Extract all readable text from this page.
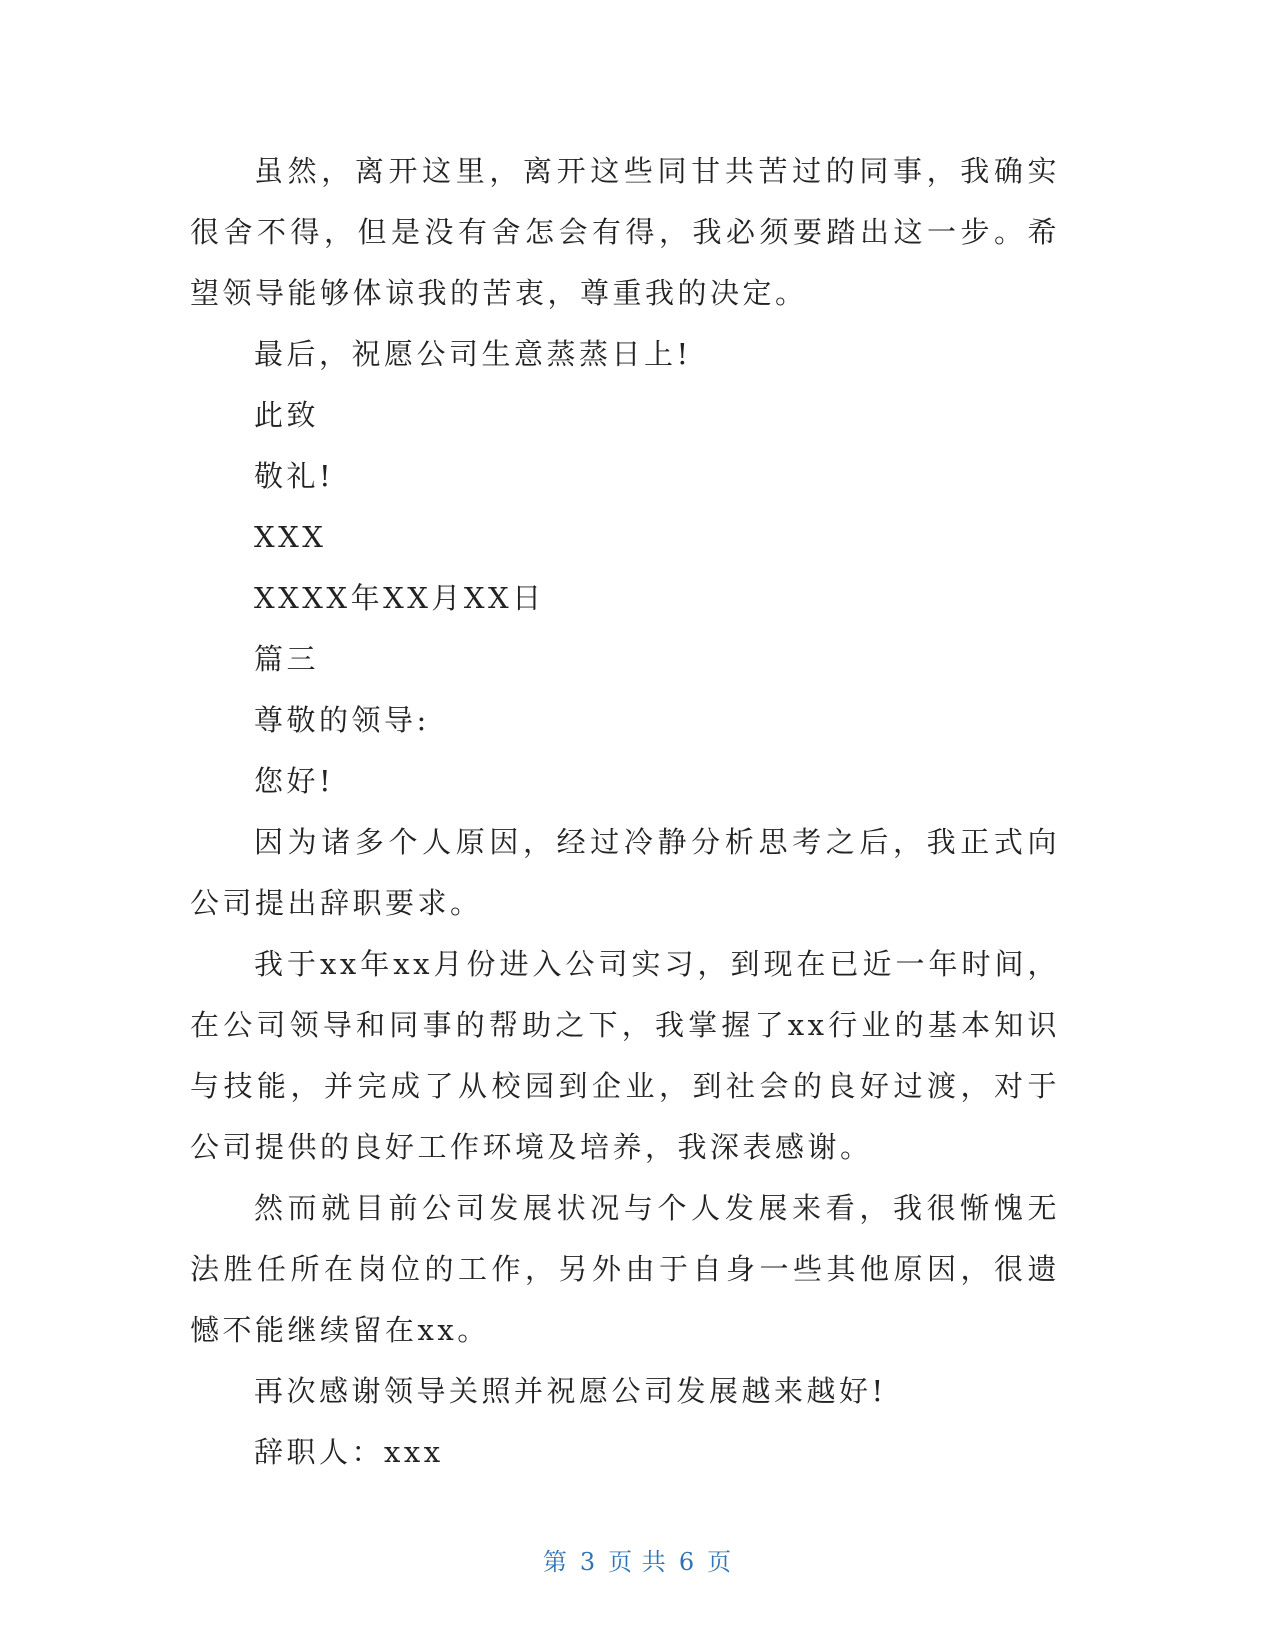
虽然，离开这里，离开这些同甘共苦过的同事，我确实很舍不得，但是没有舍怎会有得，我必须要踏出这一步。希望领导能够体谅我的苦衷，尊重我的决定。

最后，祝愿公司生意蒸蒸日上!

此致

敬礼!

XXX

XXXX年XX月XX日

篇三

尊敬的领导:

您好!

因为诸多个人原因，经过冷静分析思考之后，我正式向公司提出辞职要求。

我于xx年xx月份进入公司实习，到现在已近一年时间，在公司领导和同事的帮助之下，我掌握了xx行业的基本知识与技能，并完成了从校园到企业，到社会的良好过渡，对于公司提供的良好工作环境及培养，我深表感谢。

然而就目前公司发展状况与个人发展来看，我很惭愧无法胜任所在岗位的工作，另外由于自身一些其他原因，很遗憾不能继续留在xx。

再次感谢领导关照并祝愿公司发展越来越好!

辞职人：xxx

第 3 页 共 6 页
